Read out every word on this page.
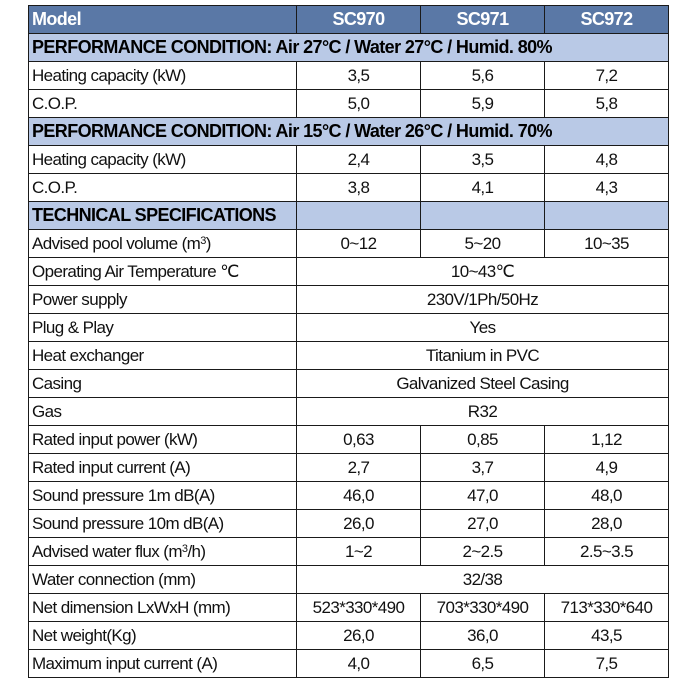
Model	SC970	SC971	SC972
PERFORMANCE CONDITION: Air 27°C / Water 27°C / Humid. 80%			
Heating capacity (kW)	3,5	5,6	7,2
C.O.P.	5,0	5,9	5,8
PERFORMANCE CONDITION: Air 15°C / Water 26°C / Humid. 70%			
Heating capacity (kW)	2,4	3,5	4,8
C.O.P.	3,8	4,1	4,3
TECHNICAL SPECIFICATIONS			
Advised pool volume $(m^3)$	0~12	5~20	10~35
Operating Air Temperature ℃	10~43℃		
Power supply	230V/1Ph/50Hz		
Plug & Play	Yes		
Heat exchanger	Titanium in PVC		
Casing	Galvanized Steel Casing		
Gas	R32		
Rated input power (kW)	0,63	0,85	1,12
Rated input current (A)	2,7	3,7	4,9
Sound pressure 1m dB(A)	46,0	47,0	48,0
Sound pressure 10m dB(A)	26,0	27,0	28,0
Advised water flux $(m^3/h)$	1~2	2~2.5	2.5~3.5
Water connection (mm)	32/38		
Net dimension LxWxH (mm)	523*330*490	703*330*490	713*330*640
Net weight(Kg)	26,0	36,0	43,5
Maximum input current (A)	4,0	6,5	7,5
